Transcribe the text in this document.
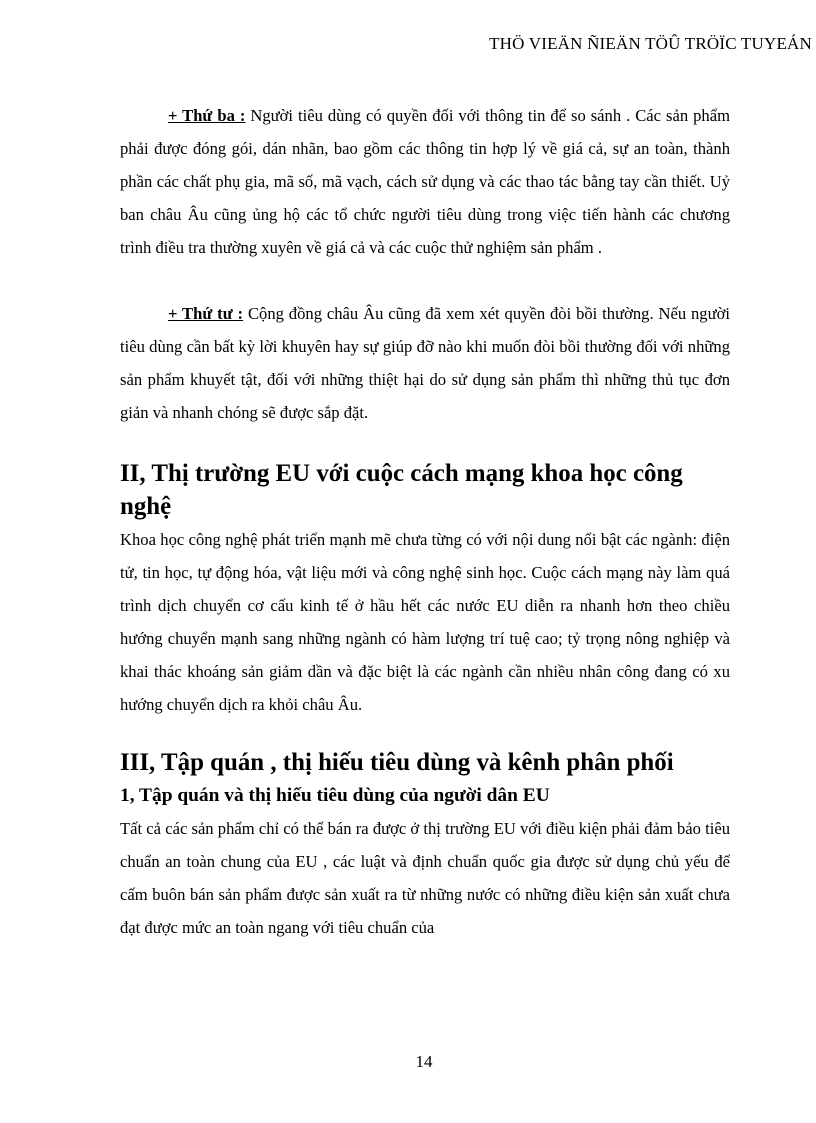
THÖ VIEÄN ÑIEÄN TÖÛ TRÖÏC TUYEÁN

+ Thứ ba : Người tiêu dùng có quyền đối với thông tin để so sánh . Các sản phẩm phải được đóng gói, dán nhãn, bao gồm các thông tin hợp lý về giá cả, sự an toàn, thành phần các chất phụ gia, mã số, mã vạch, cách sử dụng và các thao tác bằng tay cần thiết. Uỷ ban châu Âu cũng ủng hộ các tổ chức người tiêu dùng trong việc tiến hành các chương trình điều tra thường xuyên về giá cả và các cuộc thử nghiệm sản phẩm .

+ Thứ tư : Cộng đồng châu Âu cũng đã xem xét quyền đòi bồi thường. Nếu người tiêu dùng cần bất kỳ lời khuyên hay sự giúp đỡ nào khi muốn đòi bồi thường đối với những sản phẩm khuyết tật, đối với những thiệt hại do sử dụng sản phẩm thì những thủ tục đơn giản và nhanh chóng sẽ được sắp đặt.

II, Thị trường EU với cuộc cách mạng khoa học công nghệ

Khoa học công nghệ phát triển mạnh mẽ chưa từng có với nội dung nổi bật các ngành: điện tử, tin học, tự động hóa, vật liệu mới và công nghệ sinh học. Cuộc cách mạng này làm quá trình dịch chuyển cơ cấu kinh tế ở hầu hết các nước EU diễn ra nhanh hơn theo chiều hướng chuyển mạnh sang những ngành có hàm lượng trí tuệ cao; tỷ trọng nông nghiệp và khai thác khoáng sản giảm dần và đặc biệt là các ngành cần nhiều nhân công đang có xu hướng chuyển dịch ra khỏi châu Âu.

III, Tập quán , thị hiếu tiêu dùng và kênh phân phối
1, Tập quán và thị hiếu tiêu dùng của người dân EU

Tất cả các sản phẩm chỉ có thể bán ra được ở thị trường EU với điều kiện phải đảm bảo tiêu chuẩn an toàn chung của EU , các luật và định chuẩn quốc gia được sử dụng chủ yếu để cấm buôn bán sản phẩm được sản xuất ra từ những nước có những điều kiện sản xuất chưa đạt được mức an toàn ngang với tiêu chuẩn của

14
